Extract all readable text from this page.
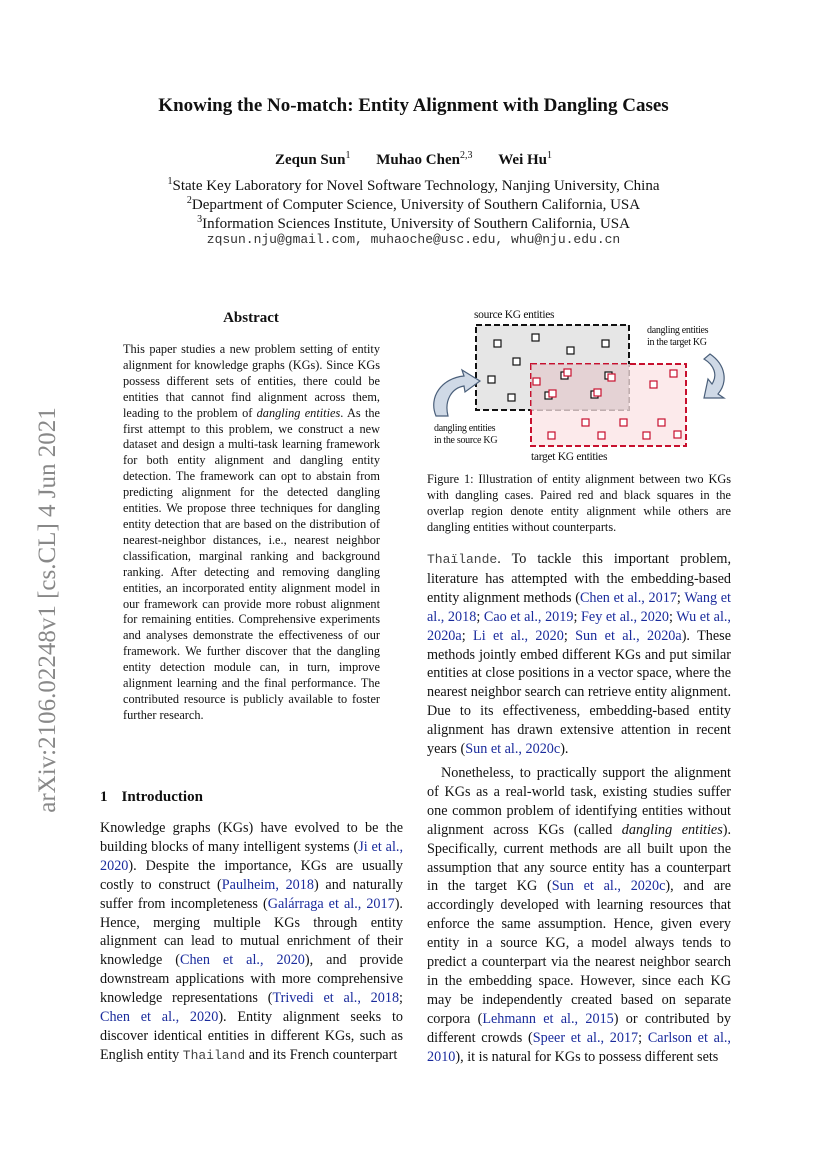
Knowing the No-match: Entity Alignment with Dangling Cases
Zequn Sun$^1$ Muhao Chen$^{2,3}$ Wei Hu$^1$
$^1$State Key Laboratory for Novel Software Technology, Nanjing University, China
$^2$Department of Computer Science, University of Southern California, USA
$^3$Information Sciences Institute, University of Southern California, USA
zqsun.nju@gmail.com, muhaoche@usc.edu, whu@nju.edu.cn
arXiv:2106.02248v1 [cs.CL] 4 Jun 2021
Abstract
This paper studies a new problem setting of entity alignment for knowledge graphs (KGs). Since KGs possess different sets of entities, there could be entities that cannot find alignment across them, leading to the problem of dangling entities. As the first attempt to this problem, we construct a new dataset and design a multi-task learning framework for both entity alignment and dangling entity detection. The framework can opt to abstain from predicting alignment for the detected dangling entities. We propose three techniques for dangling entity detection that are based on the distribution of nearest-neighbor distances, i.e., nearest neighbor classification, marginal ranking and background ranking. After detecting and removing dangling entities, an incorporated entity alignment model in our framework can provide more robust alignment for remaining entities. Comprehensive experiments and analyses demonstrate the effectiveness of our framework. We further discover that the dangling entity detection module can, in turn, improve alignment learning and the final performance. The contributed resource is publicly available to foster further research.
1 Introduction
Knowledge graphs (KGs) have evolved to be the building blocks of many intelligent systems (Ji et al., 2020). Despite the importance, KGs are usually costly to construct (Paulheim, 2018) and naturally suffer from incompleteness (Galárraga et al., 2017). Hence, merging multiple KGs through entity alignment can lead to mutual enrichment of their knowledge (Chen et al., 2020), and provide downstream applications with more comprehensive knowledge representations (Trivedi et al., 2018; Chen et al., 2020). Entity alignment seeks to discover identical entities in different KGs, such as English entity Thailand and its French counterpart

Thaïlande. To tackle this important problem, literature has attempted with the embedding-based entity alignment methods (Chen et al., 2017; Wang et al., 2018; Cao et al., 2019; Fey et al., 2020; Wu et al., 2020a; Li et al., 2020; Sun et al., 2020a). These methods jointly embed different KGs and put similar entities at close positions in a vector space, where the nearest neighbor search can retrieve entity alignment. Due to its effectiveness, embedding-based entity alignment has drawn extensive attention in recent years (Sun et al., 2020c).

Nonetheless, to practically support the alignment of KGs as a real-world task, existing studies suffer one common problem of identifying entities without alignment across KGs (called dangling entities). Specifically, current methods are all built upon the assumption that any source entity has a counterpart in the target KG (Sun et al., 2020c), and are accordingly developed with learning resources that enforce the same assumption. Hence, given every entity in a source KG, a model always tends to predict a counterpart via the nearest neighbor search in the embedding space. However, since each KG may be independently created based on separate corpora (Lehmann et al., 2015) or contributed by different crowds (Speer et al., 2017; Carlson et al., 2010), it is natural for KGs to possess different sets

source KG entities
target KG entities
dangling entities
in the target KG
dangling entities
in the source KG
Figure 1: Illustration of entity alignment between two KGs with dangling cases. Paired red and black squares in the overlap region denote entity alignment while others are dangling entities without counterparts.
